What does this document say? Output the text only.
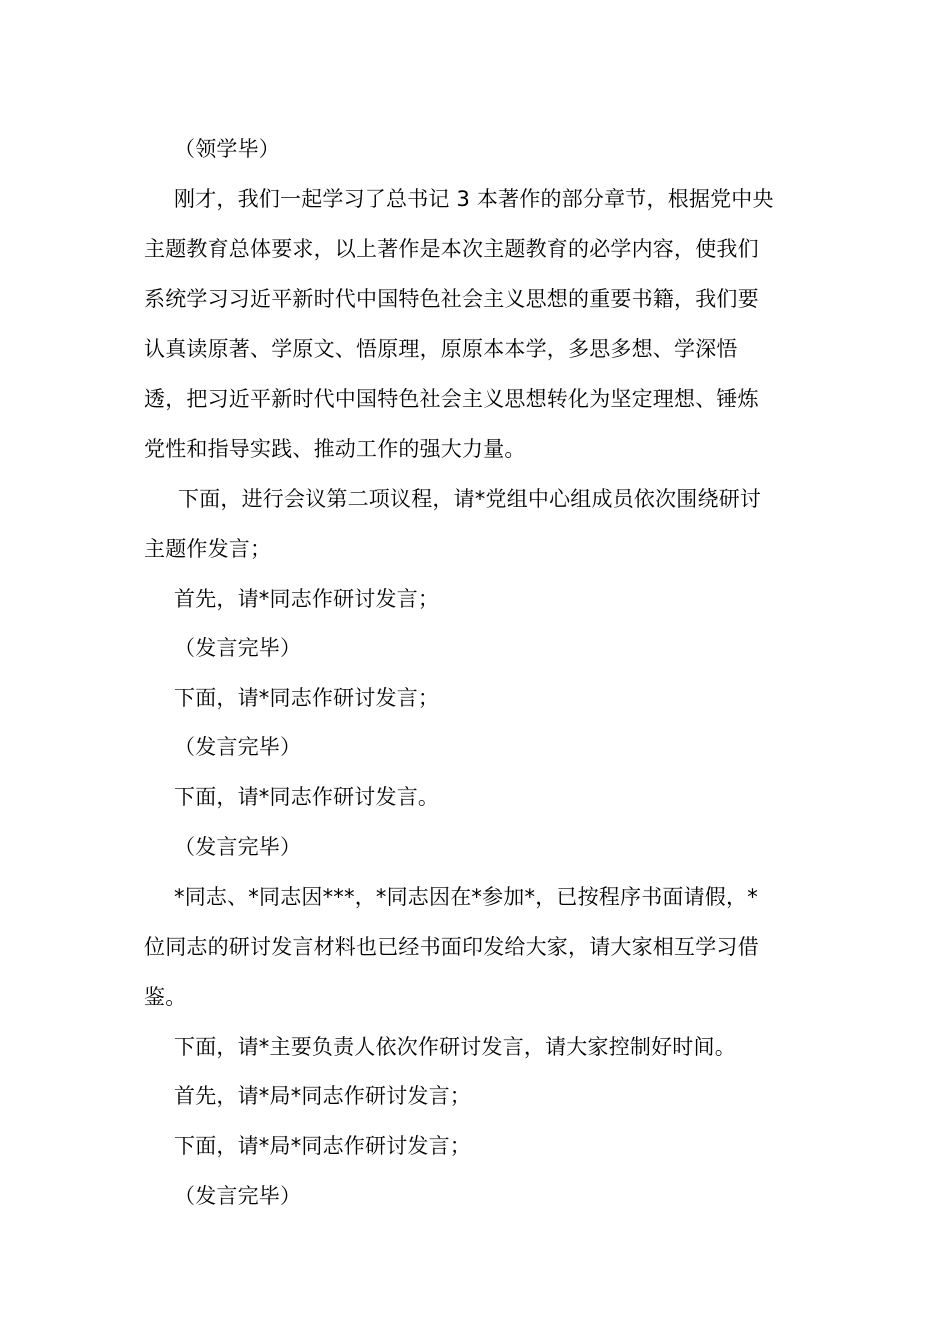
（领学毕）
刚才，我们一起学习了总书记 3 本著作的部分章节，根据党中央
主题教育总体要求，以上著作是本次主题教育的必学内容，使我们
系统学习习近平新时代中国特色社会主义思想的重要书籍，我们要
认真读原著、学原文、悟原理，原原本本学，多思多想、学深悟
透，把习近平新时代中国特色社会主义思想转化为坚定理想、锤炼
党性和指导实践、推动工作的强大力量。
下面，进行会议第二项议程，请*党组中心组成员依次围绕研讨
主题作发言；
首先，请*同志作研讨发言；
（发言完毕）
下面，请*同志作研讨发言；
（发言完毕）
下面，请*同志作研讨发言。
（发言完毕）
*同志、*同志因***，*同志因在*参加*，已按程序书面请假，*
位同志的研讨发言材料也已经书面印发给大家，请大家相互学习借
鉴。
下面，请*主要负责人依次作研讨发言，请大家控制好时间。
首先，请*局*同志作研讨发言；
下面，请*局*同志作研讨发言；
（发言完毕）
